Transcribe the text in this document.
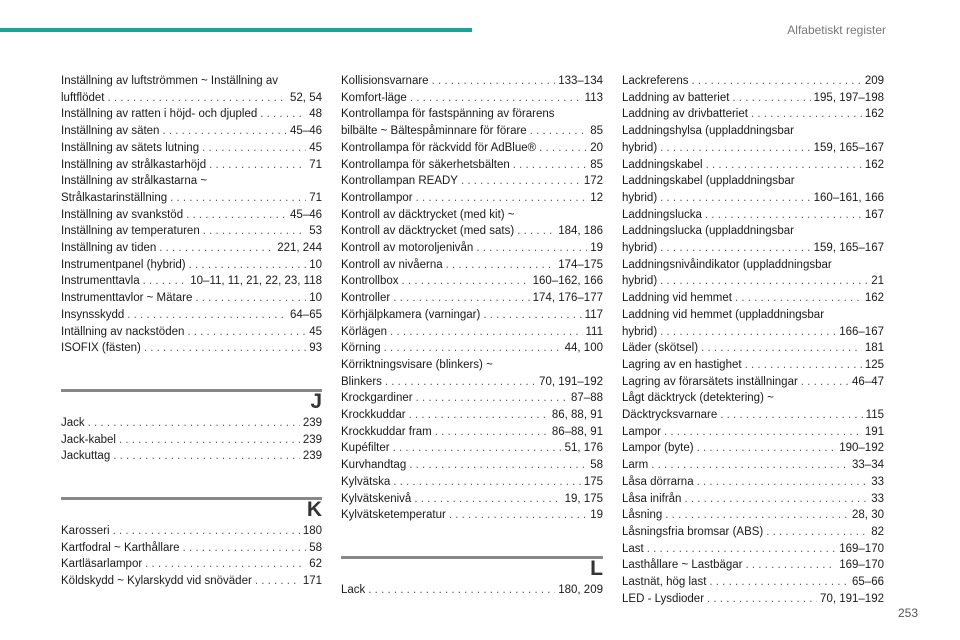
Alfabetiskt register
Inställning av luftströmmen ~ Inställning av
luftflödet . . .	52, 54
Inställning av ratten i höjd- och djupled . . .	48
Inställning av säten . . .	45–46
Inställning av sätets lutning . . .	45
Inställning av strålkastarhöjd . . .	71
Inställning av strålkastarna ~
Strålkastarinställning . . .	71
Inställning av svankstöd . . .	45–46
Inställning av temperaturen . . .	53
Inställning av tiden . . .	221, 244
Instrumentpanel (hybrid) . . .	10
Instrumenttavla . . .	10–11, 11, 21, 22, 23, 118
Instrumenttavlor ~ Mätare . . .	10
Insynsskydd . . .	64–65
Intällning av nackstöden . . .	45
ISOFIX (fästen) . . .	93
J
Jack . . .	239
Jack-kabel . . .	239
Jackuttag . . .	239
K
Karosseri . . .	180
Kartfodral ~ Karthållare . . .	58
Kartläsarlampor . . .	62
Köldskydd ~ Kylarskydd vid snöväder . . .	171
Kollisionsvarnare . . .	133–134
Komfort-läge . . .	113
Kontrollampa för fastspänning av förarens
bilbälte ~ Bältespåminnare för förare . . .	85
Kontrollampa för räckvidd för AdBlue® . . .	20
Kontrollampa för säkerhetsbälten . . .	85
Kontrollampan READY . . .	172
Kontrollampor . . .	12
Kontroll av däcktrycket (med kit) ~
Kontroll av däcktrycket (med sats) . . .	184, 186
Kontroll av motoroljenivån . . .	19
Kontroll av nivåerna . . .	174–175
Kontrollbox . . .	160–162, 166
Kontroller . . .	174, 176–177
Körhjälpkamera (varningar) . . .	117
Körlägen . . .	111
Körning . . .	44, 100
Körriktningsvisare (blinkers) ~
Blinkers . . .	70, 191–192
Krockgardiner . . .	87–88
Krockkuddar . . .	86, 88, 91
Krockkuddar fram . . .	86–88, 91
Kupéfilter . . .	51, 176
Kurvhandtag . . .	58
Kylvätska . . .	175
Kylvätskenivå . . .	19, 175
Kylvätsketemperatur . . .	19
L
Lack . . .	180, 209
Lackreferens . . .	209
Laddning av batteriet . . .	195, 197–198
Laddning av drivbatteriet . . .	162
Laddningshylsa (uppladdningsbar
hybrid) . . .	159, 165–167
Laddningskabel . . .	162
Laddningskabel (uppladdningsbar
hybrid) . . .	160–161, 166
Laddningslucka . . .	167
Laddningslucka (uppladdningsbar
hybrid) . . .	159, 165–167
Laddningsnivåindikator (uppladdningsbar
hybrid) . . .	21
Laddning vid hemmet . . .	162
Laddning vid hemmet (uppladdningsbar
hybrid) . . .	166–167
Läder (skötsel) . . .	181
Lagring av en hastighet . . .	125
Lagring av förarsätets inställningar . . .	46–47
Lågt däcktryck (detektering) ~
Däcktrycksvarnare . . .	115
Lampor . . .	191
Lampor (byte) . . .	190–192
Larm . . .	33–34
Låsa dörrarna . . .	33
Låsa inifrån . . .	33
Låsning . . .	28, 30
Låsningsfria bromsar (ABS) . . .	82
Last . . .	169–170
Lasthållare ~ Lastbägar . . .	169–170
Lastnät, hög last . . .	65–66
LED - Lysdioder . . .	70, 191–192
253
